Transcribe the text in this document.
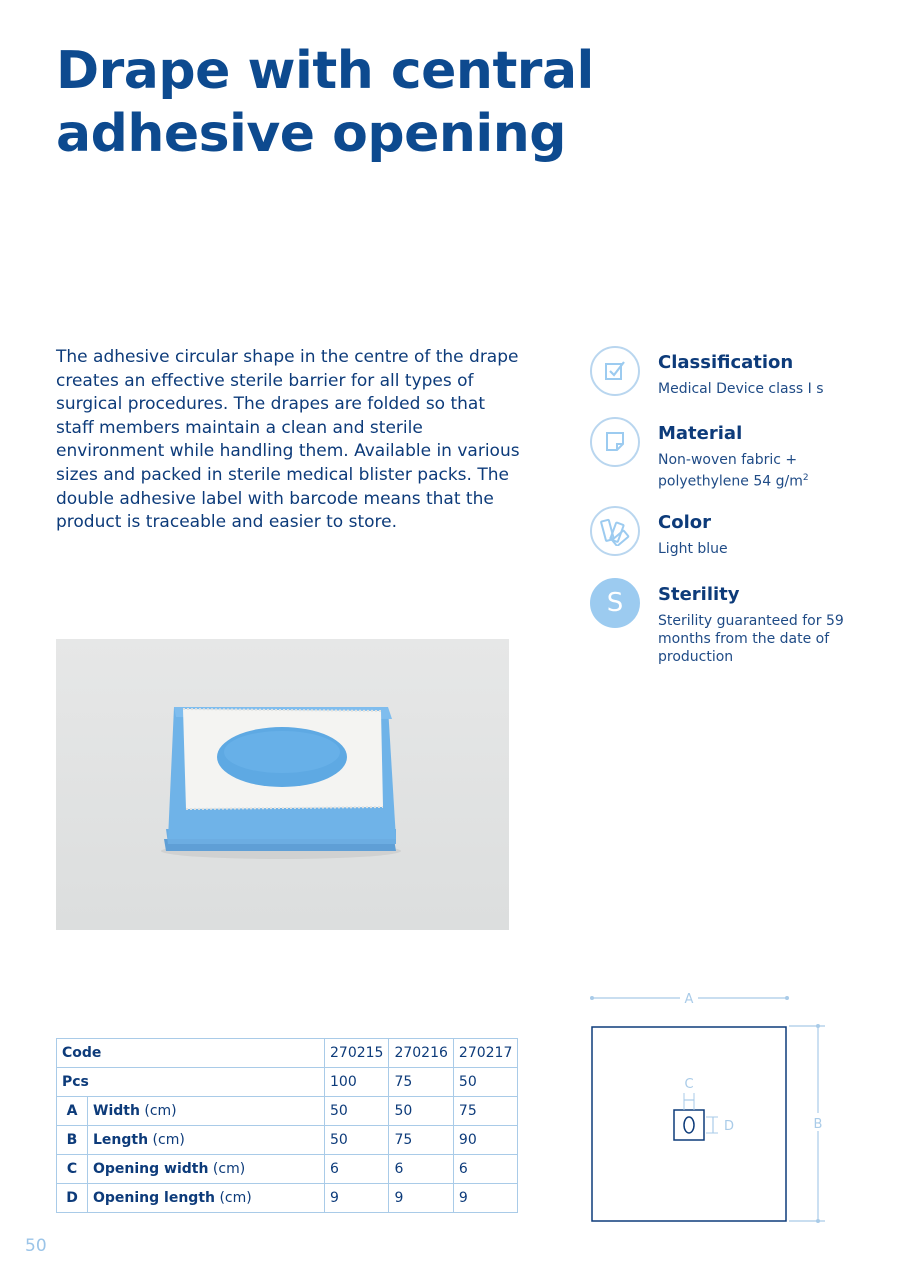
Drape with central
adhesive opening
The adhesive circular shape in the centre of the drape creates an effective sterile barrier for all types of surgical procedures. The drapes are folded so that staff members maintain a clean and sterile environment while handling them. Available in various sizes and packed in sterile medical blister packs. The double adhesive label with barcode means that the product is traceable and easier to store.
Classification
Medical Device class I s
Material
Non-woven fabric + polyethylene 54 $g/m^2$
Color
Light blue
S	Sterility
Sterility guaranteed for 59 months from the date of production
Code		270215	270216	270217
Pcs		100	75	50
A	Width (cm)	50	50	75
B	Length (cm)	50	75	90
C	Opening width (cm)	6	6	6
D	Opening length (cm)	9	9	9
A
B
C
D
50
